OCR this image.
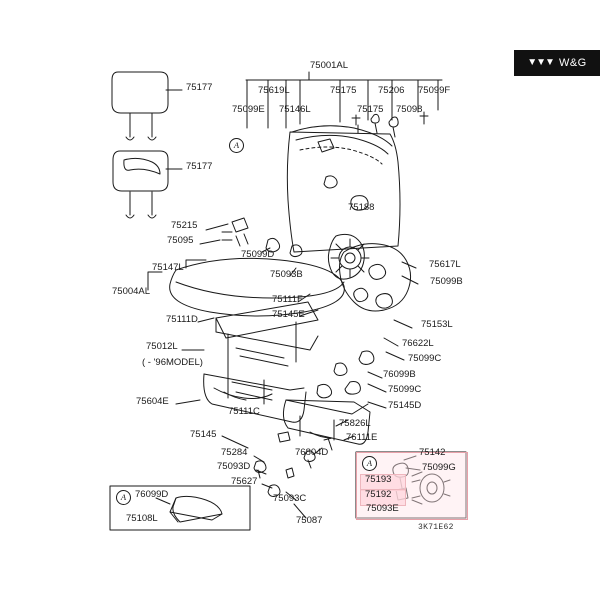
▼▼▼ W&G
A
A
A
( - '96MODEL)
3K71E62
75177
75177
75001AL
75619L	75175 75206 75099F
75099E 75146L	75175 75098
75188
75215
75095
75099D
75617L
75147L
75093B
75099B
75004AL
75111F
75111D	75145E
75153L
75012L	76622L
75099C
76099B
75099C
75604E
75111C
75145D
75826L
75145	76111E
75284	75142
75093D
76804D
75099G
75627	75193
75192
75093C
75093E
76099D
75108L	75087
